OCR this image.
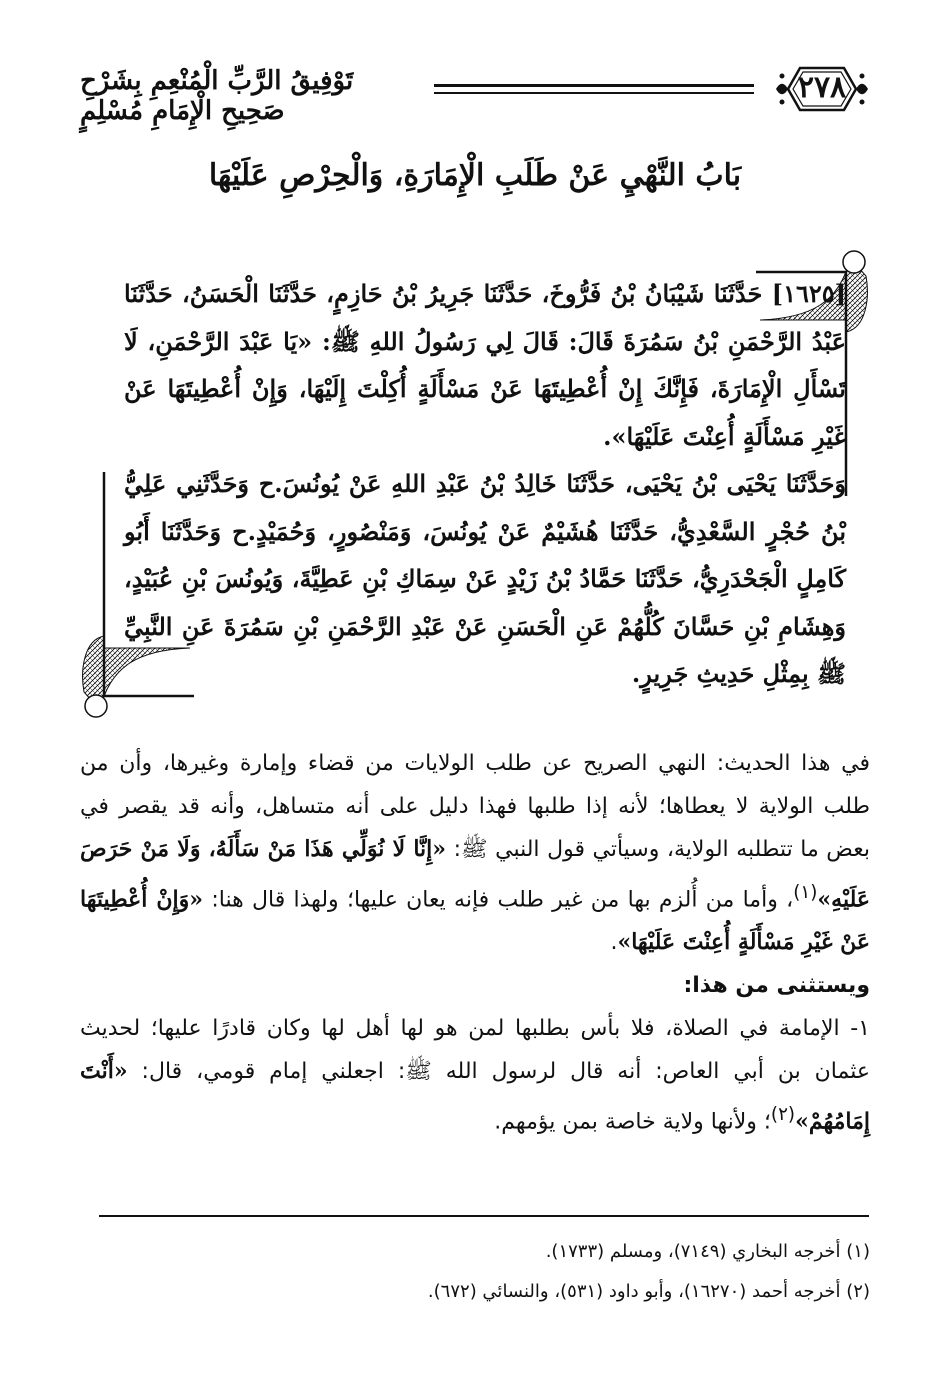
٢٧٨
تَوْفِيقُ الرَّبِّ الْمُنْعِمِ بِشَرْحِ صَحِيحِ الْإِمَامِ مُسْلِمٍ
بَابُ النَّهْيِ عَنْ طَلَبِ الْإِمَارَةِ، وَالْحِرْصِ عَلَيْهَا

[١٦٢٥] حَدَّثَنَا شَيْبَانُ بْنُ فَرُّوخَ، حَدَّثَنَا جَرِيرُ بْنُ حَازِمٍ، حَدَّثَنَا الْحَسَنُ، حَدَّثَنَا عَبْدُ الرَّحْمَنِ بْنُ سَمُرَةَ قَالَ: قَالَ لِي رَسُولُ اللهِ ﷺ: «يَا عَبْدَ الرَّحْمَنِ، لَا تَسْأَلِ الْإِمَارَةَ، فَإِنَّكَ إِنْ أُعْطِيتَهَا عَنْ مَسْأَلَةٍ أُكِلْتَ إِلَيْهَا، وَإِنْ أُعْطِيتَهَا عَنْ غَيْرِ مَسْأَلَةٍ أُعِنْتَ عَلَيْهَا».

وَحَدَّثَنَا يَحْيَى بْنُ يَحْيَى، حَدَّثَنَا خَالِدُ بْنُ عَبْدِ اللهِ عَنْ يُونُسَ.ح وَحَدَّثَنِي عَلِيُّ بْنُ حُجْرٍ السَّعْدِيُّ، حَدَّثَنَا هُشَيْمٌ عَنْ يُونُسَ، وَمَنْصُورٍ، وَحُمَيْدٍ.ح وَحَدَّثَنَا أَبُو كَامِلٍ الْجَحْدَرِيُّ، حَدَّثَنَا حَمَّادُ بْنُ زَيْدٍ عَنْ سِمَاكِ بْنِ عَطِيَّةَ، وَيُونُسَ بْنِ عُبَيْدٍ، وَهِشَامِ بْنِ حَسَّانَ كُلُّهُمْ عَنِ الْحَسَنِ عَنْ عَبْدِ الرَّحْمَنِ بْنِ سَمُرَةَ عَنِ النَّبِيِّ ﷺ بِمِثْلِ حَدِيثِ جَرِيرٍ.

في هذا الحديث: النهي الصريح عن طلب الولايات من قضاء وإمارة وغيرها، وأن من طلب الولاية لا يعطاها؛ لأنه إذا طلبها فهذا دليل على أنه متساهل، وأنه قد يقصر في بعض ما تتطلبه الولاية، وسيأتي قول النبي ﷺ: «إِنَّا لَا نُوَلِّي هَذَا مَنْ سَأَلَهُ، وَلَا مَنْ حَرَصَ عَلَيْهِ»$^{(١)}$، وأما من أُلزم بها من غير طلب فإنه يعان عليها؛ ولهذا قال هنا: «وَإِنْ أُعْطِيتَهَا عَنْ غَيْرِ مَسْأَلَةٍ أُعِنْتَ عَلَيْهَا».

ويستثنى من هذا:

١- الإمامة في الصلاة، فلا بأس بطلبها لمن هو لها أهل لها وكان قادرًا عليها؛ لحديث عثمان بن أبي العاص: أنه قال لرسول الله ﷺ: اجعلني إمام قومي، قال: «أَنْتَ إِمَامُهُمْ»$^{(٢)}$؛ ولأنها ولاية خاصة بمن يؤمهم.

(١) أخرجه البخاري (٧١٤٩)، ومسلم (١٧٣٣).

(٢) أخرجه أحمد (١٦٢٧٠)، وأبو داود (٥٣١)، والنسائي (٦٧٢).
